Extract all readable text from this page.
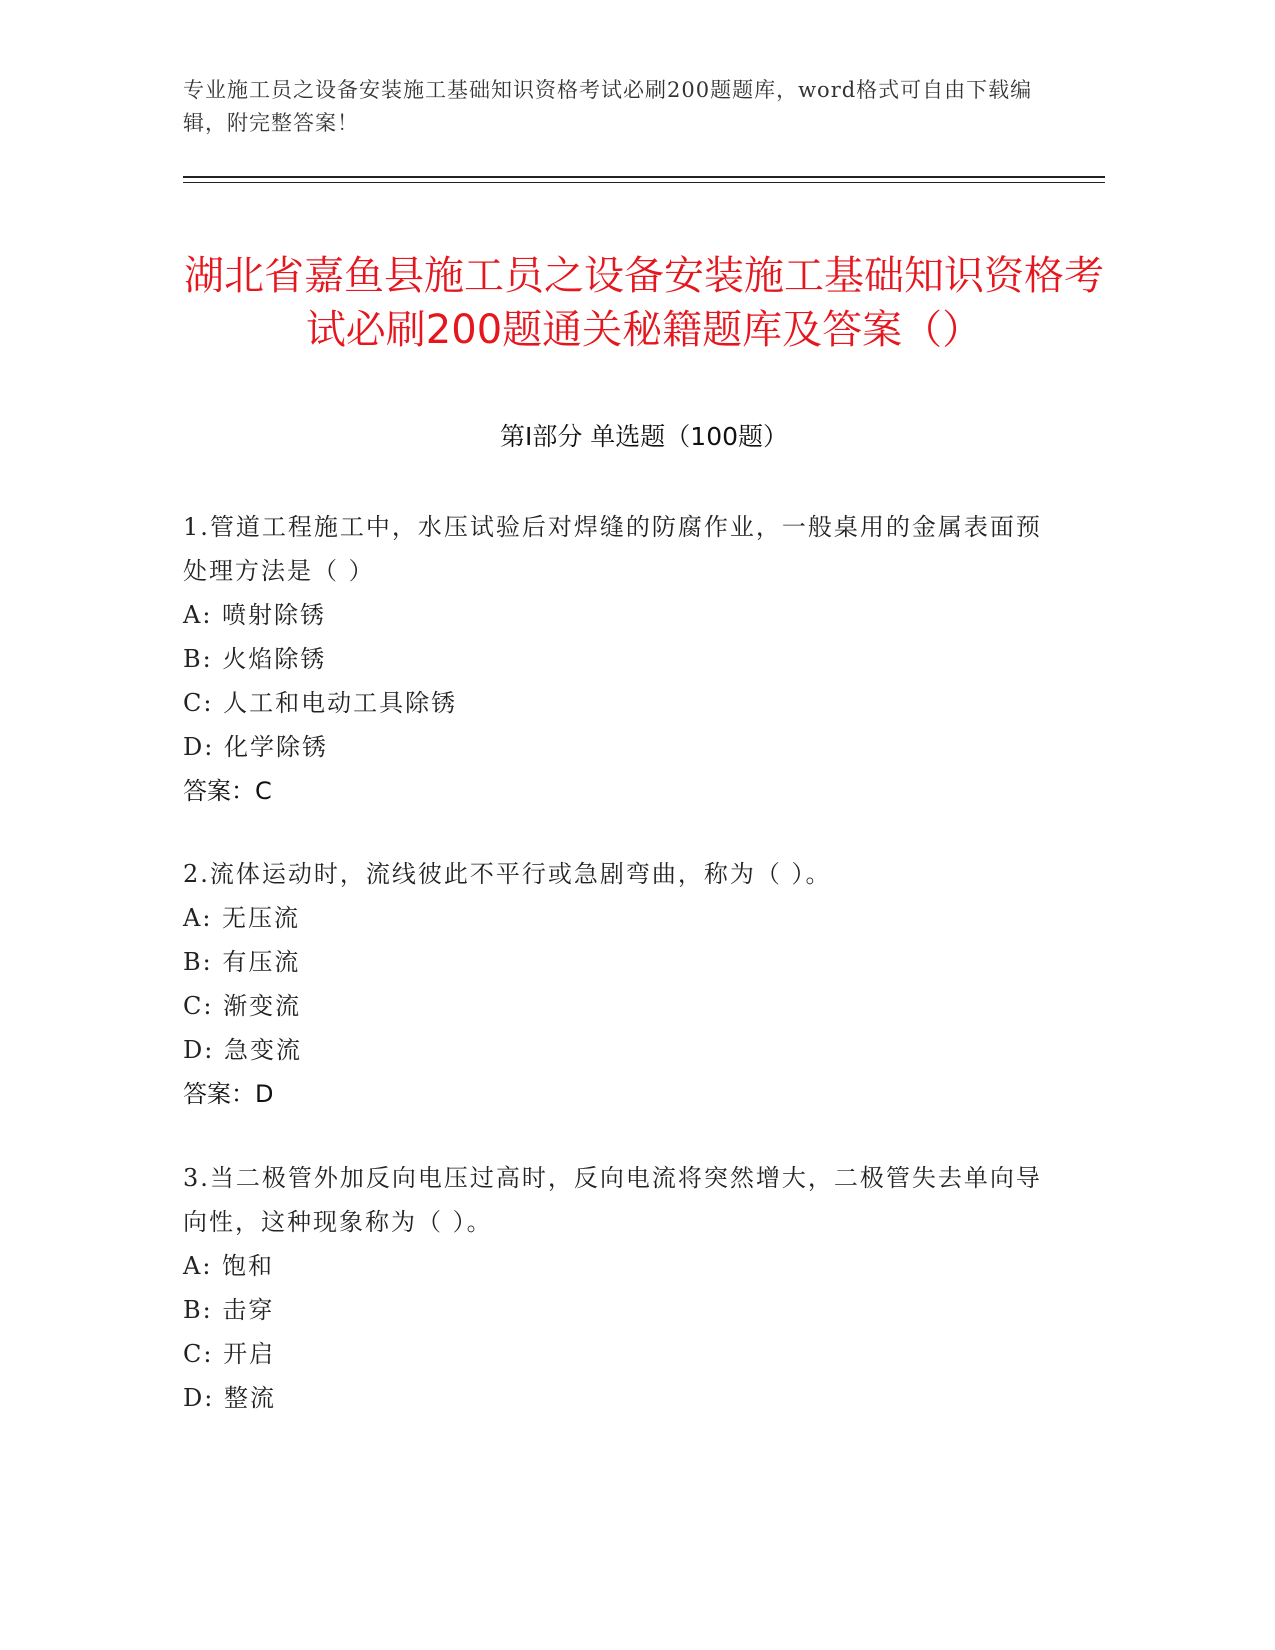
专业施工员之设备安装施工基础知识资格考试必刷200题题库，word格式可自由下载编辑，附完整答案！
湖北省嘉鱼县施工员之设备安装施工基础知识资格考试必刷200题通关秘籍题库及答案（）
第Ⅰ部分 单选题（100题）
1.管道工程施工中，水压试验后对焊缝的防腐作业，一般桌用的金属表面预处理方法是（ ）
A: 喷射除锈
B: 火焰除锈
C: 人工和电动工具除锈
D: 化学除锈
答案：C
2.流体运动时，流线彼此不平行或急剧弯曲，称为（ ）。
A: 无压流
B: 有压流
C: 渐变流
D: 急变流
答案：D
3.当二极管外加反向电压过高时，反向电流将突然增大，二极管失去单向导向性，这种现象称为（ ）。
A: 饱和
B: 击穿
C: 开启
D: 整流
